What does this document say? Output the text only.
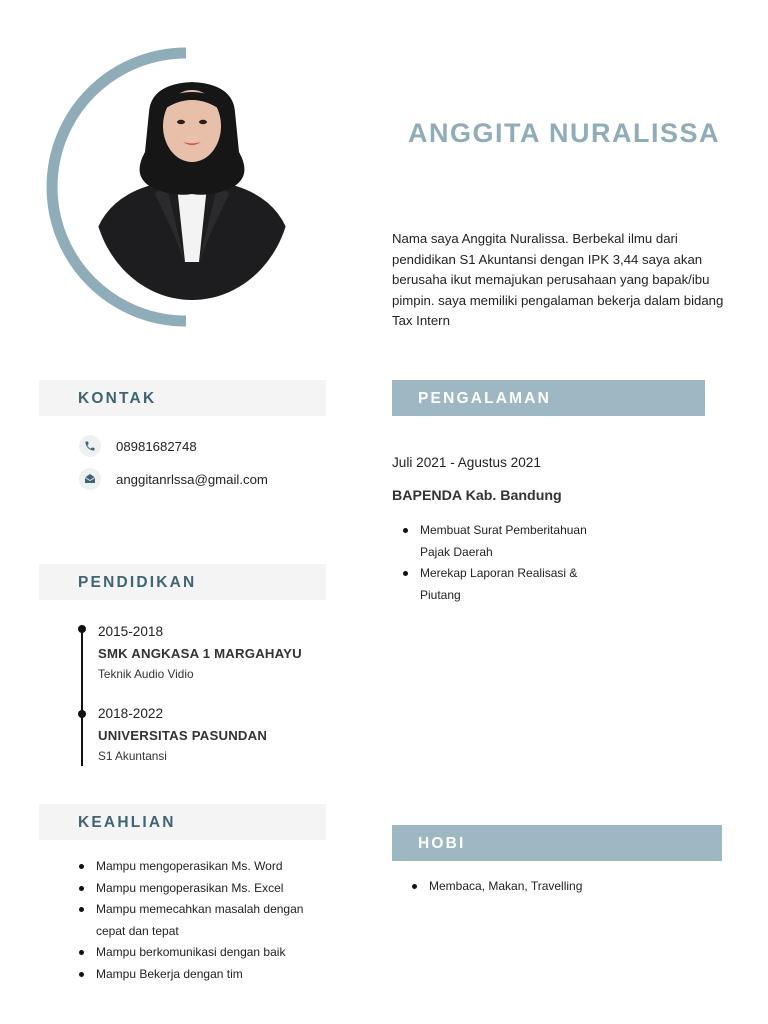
ANGGITA NURALISSA

Nama saya Anggita Nuralissa. Berbekal ilmu dari pendidikan S1 Akuntansi dengan IPK 3,44 saya akan berusaha ikut memajukan perusahaan yang bapak/ibu pimpin. saya memiliki pengalaman bekerja dalam bidang Tax Intern

KONTAK
08981682748
anggitanrlssa@gmail.com
PENDIDIKAN
2015-2018
SMK ANGKASA 1 MARGAHAYU
Teknik Audio Vidio
2018-2022
UNIVERSITAS PASUNDAN
S1 Akuntansi
KEAHLIAN
Mampu mengoperasikan Ms. Word
Mampu mengoperasikan Ms. Excel
Mampu memecahkan masalah dengan cepat dan tepat
Mampu berkomunikasi dengan baik
Mampu Bekerja dengan tim
PENGALAMAN
Juli 2021 - Agustus 2021
BAPENDA Kab. Bandung
Membuat Surat Pemberitahuan Pajak Daerah
Merekap Laporan Realisasi & Piutang
HOBI
Membaca, Makan, Travelling
